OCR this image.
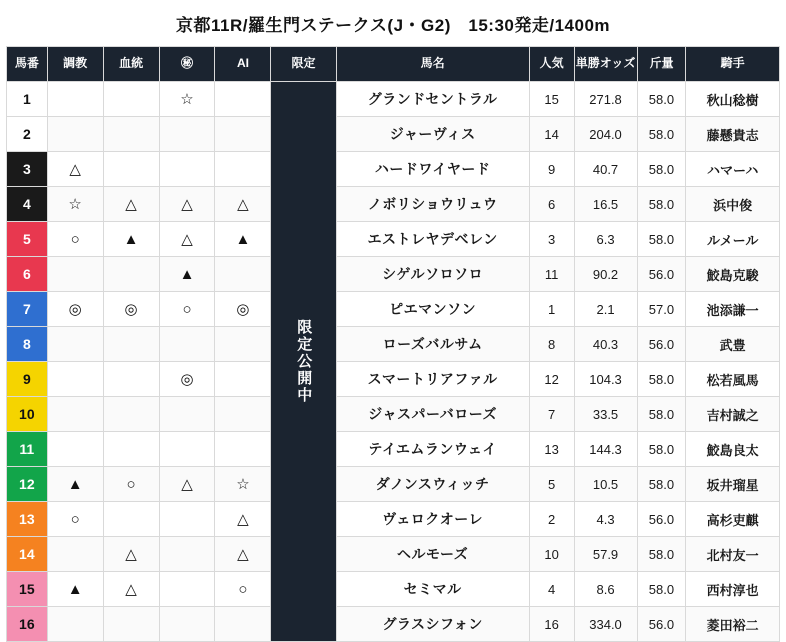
京都11R/羅生門ステークス(J・G2)　15:30発走/1400m
馬番	調教	血統	㊙	AI	限定	馬名	人気	単勝オッズ	斤量	騎手
1			☆		限定公開中	グランドセントラル	15	271.8	58.0	秋山稔樹
2						ジャーヴィス	14	204.0	58.0	藤懸貴志
3	△					ハードワイヤード	9	40.7	58.0	ハマーハ
4	☆	△	△	△		ノボリショウリュウ	6	16.5	58.0	浜中俊
5	○	▲	△	▲		エストレヤデベレン	3	6.3	58.0	ルメール
6			▲			シゲルソロソロ	11	90.2	56.0	鮫島克駿
7	◎	◎	○	◎		ピエマンソン	1	2.1	57.0	池添謙一
8						ローズバルサム	8	40.3	56.0	武豊
9			◎			スマートリアファル	12	104.3	58.0	松若風馬
10						ジャスパーバローズ	7	33.5	58.0	吉村誠之
11						テイエムランウェイ	13	144.3	58.0	鮫島良太
12	▲	○	△	☆		ダノンスウィッチ	5	10.5	58.0	坂井瑠星
13	○			△		ヴェロクオーレ	2	4.3	56.0	高杉吏麒
14		△		△		ヘルモーズ	10	57.9	58.0	北村友一
15	▲	△		○		セミマル	4	8.6	58.0	西村淳也
16						グラスシフォン	16	334.0	56.0	菱田裕二
